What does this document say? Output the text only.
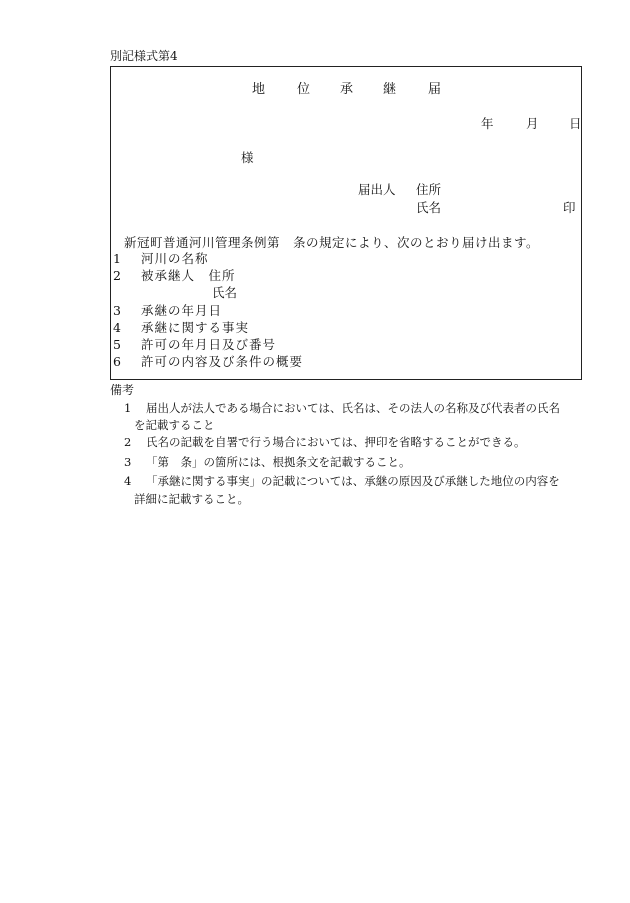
別記様式第4
地 位 承 継 届
年	月 日
様
届出人 住所
氏名	印
新冠町普通河川管理条例第　条の規定により、次のとおり届け出ます。
1 河川の名称
2 被承継人　住所
氏名
3 承継の年月日
4 承継に関する事実
5 許可の年月日及び番号
6 許可の内容及び条件の概要
備考
1 届出人が法人である場合においては、氏名は、その法人の名称及び代表者の氏名
を記載すること
2 氏名の記載を自署で行う場合においては、押印を省略することができる。
3 「第　条」の箇所には、根拠条文を記載すること。
4 「承継に関する事実」の記載については、承継の原因及び承継した地位の内容を
詳細に記載すること。
